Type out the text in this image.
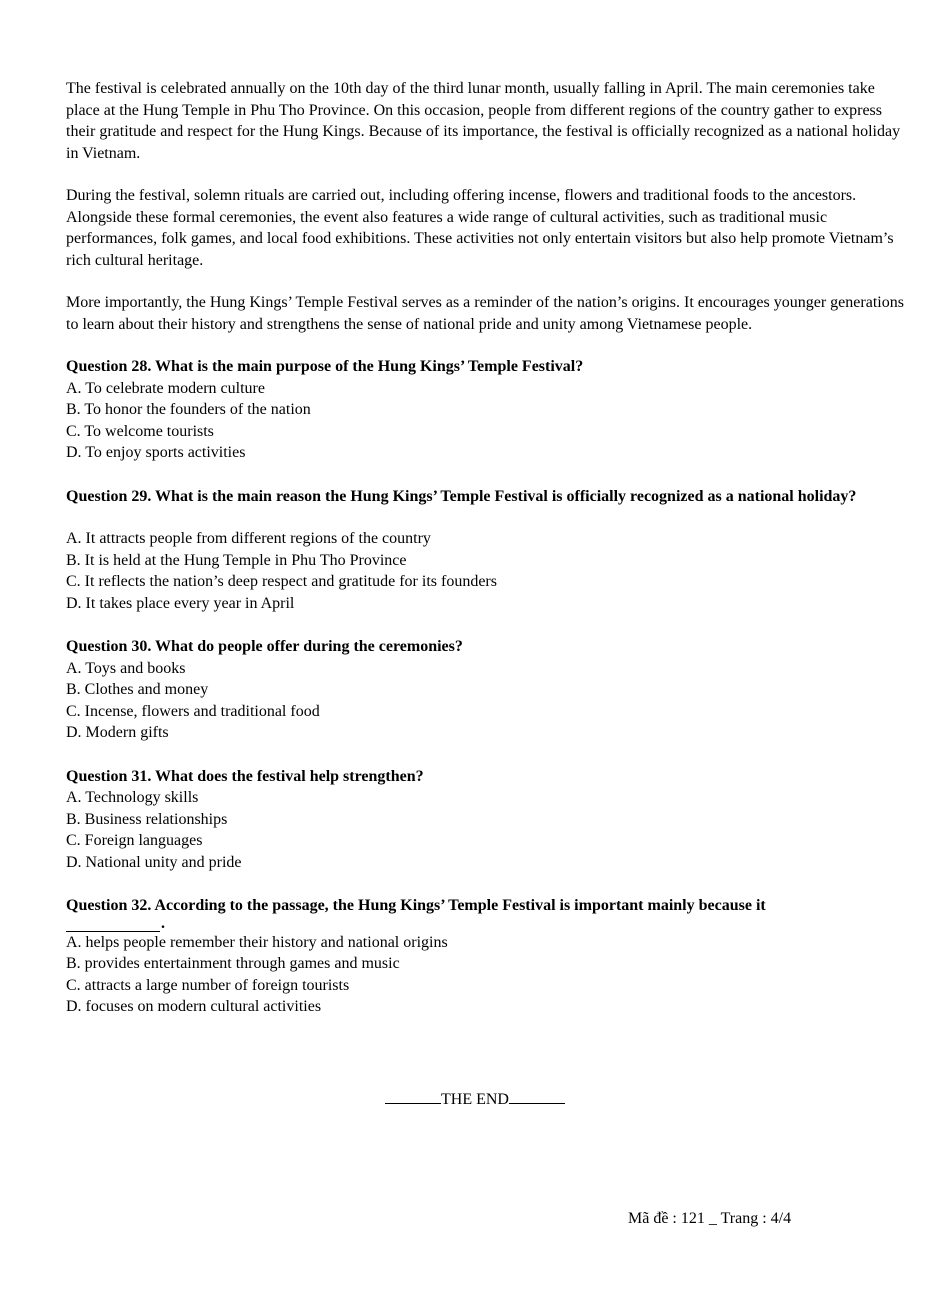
The festival is celebrated annually on the 10th day of the third lunar month, usually falling in April. The main ceremonies take place at the Hung Temple in Phu Tho Province. On this occasion, people from different regions of the country gather to express their gratitude and respect for the Hung Kings. Because of its importance, the festival is officially recognized as a national holiday in Vietnam.

During the festival, solemn rituals are carried out, including offering incense, flowers and traditional foods to the ancestors. Alongside these formal ceremonies, the event also features a wide range of cultural activities, such as traditional music performances, folk games, and local food exhibitions. These activities not only entertain visitors but also help promote Vietnam’s rich cultural heritage.

More importantly, the Hung Kings’ Temple Festival serves as a reminder of the nation’s origins. It encourages younger generations to learn about their history and strengthens the sense of national pride and unity among Vietnamese people.

Question 28. What is the main purpose of the Hung Kings’ Temple Festival?

A. To celebrate modern culture

B. To honor the founders of the nation

C. To welcome tourists

D. To enjoy sports activities

Question 29. What is the main reason the Hung Kings’ Temple Festival is officially recognized as a national holiday?

A. It attracts people from different regions of the country

B. It is held at the Hung Temple in Phu Tho Province

C. It reflects the nation’s deep respect and gratitude for its founders

D. It takes place every year in April

Question 30. What do people offer during the ceremonies?

A. Toys and books

B. Clothes and money

C. Incense, flowers and traditional food

D. Modern gifts

Question 31. What does the festival help strengthen?

A. Technology skills

B. Business relationships

C. Foreign languages

D. National unity and pride

Question 32. According to the passage, the Hung Kings’ Temple Festival is important mainly because it

.

A. helps people remember their history and national origins

B. provides entertainment through games and music

C. attracts a large number of foreign tourists

D. focuses on modern cultural activities

THE END
Mã đề : 121 _ Trang : 4/4
